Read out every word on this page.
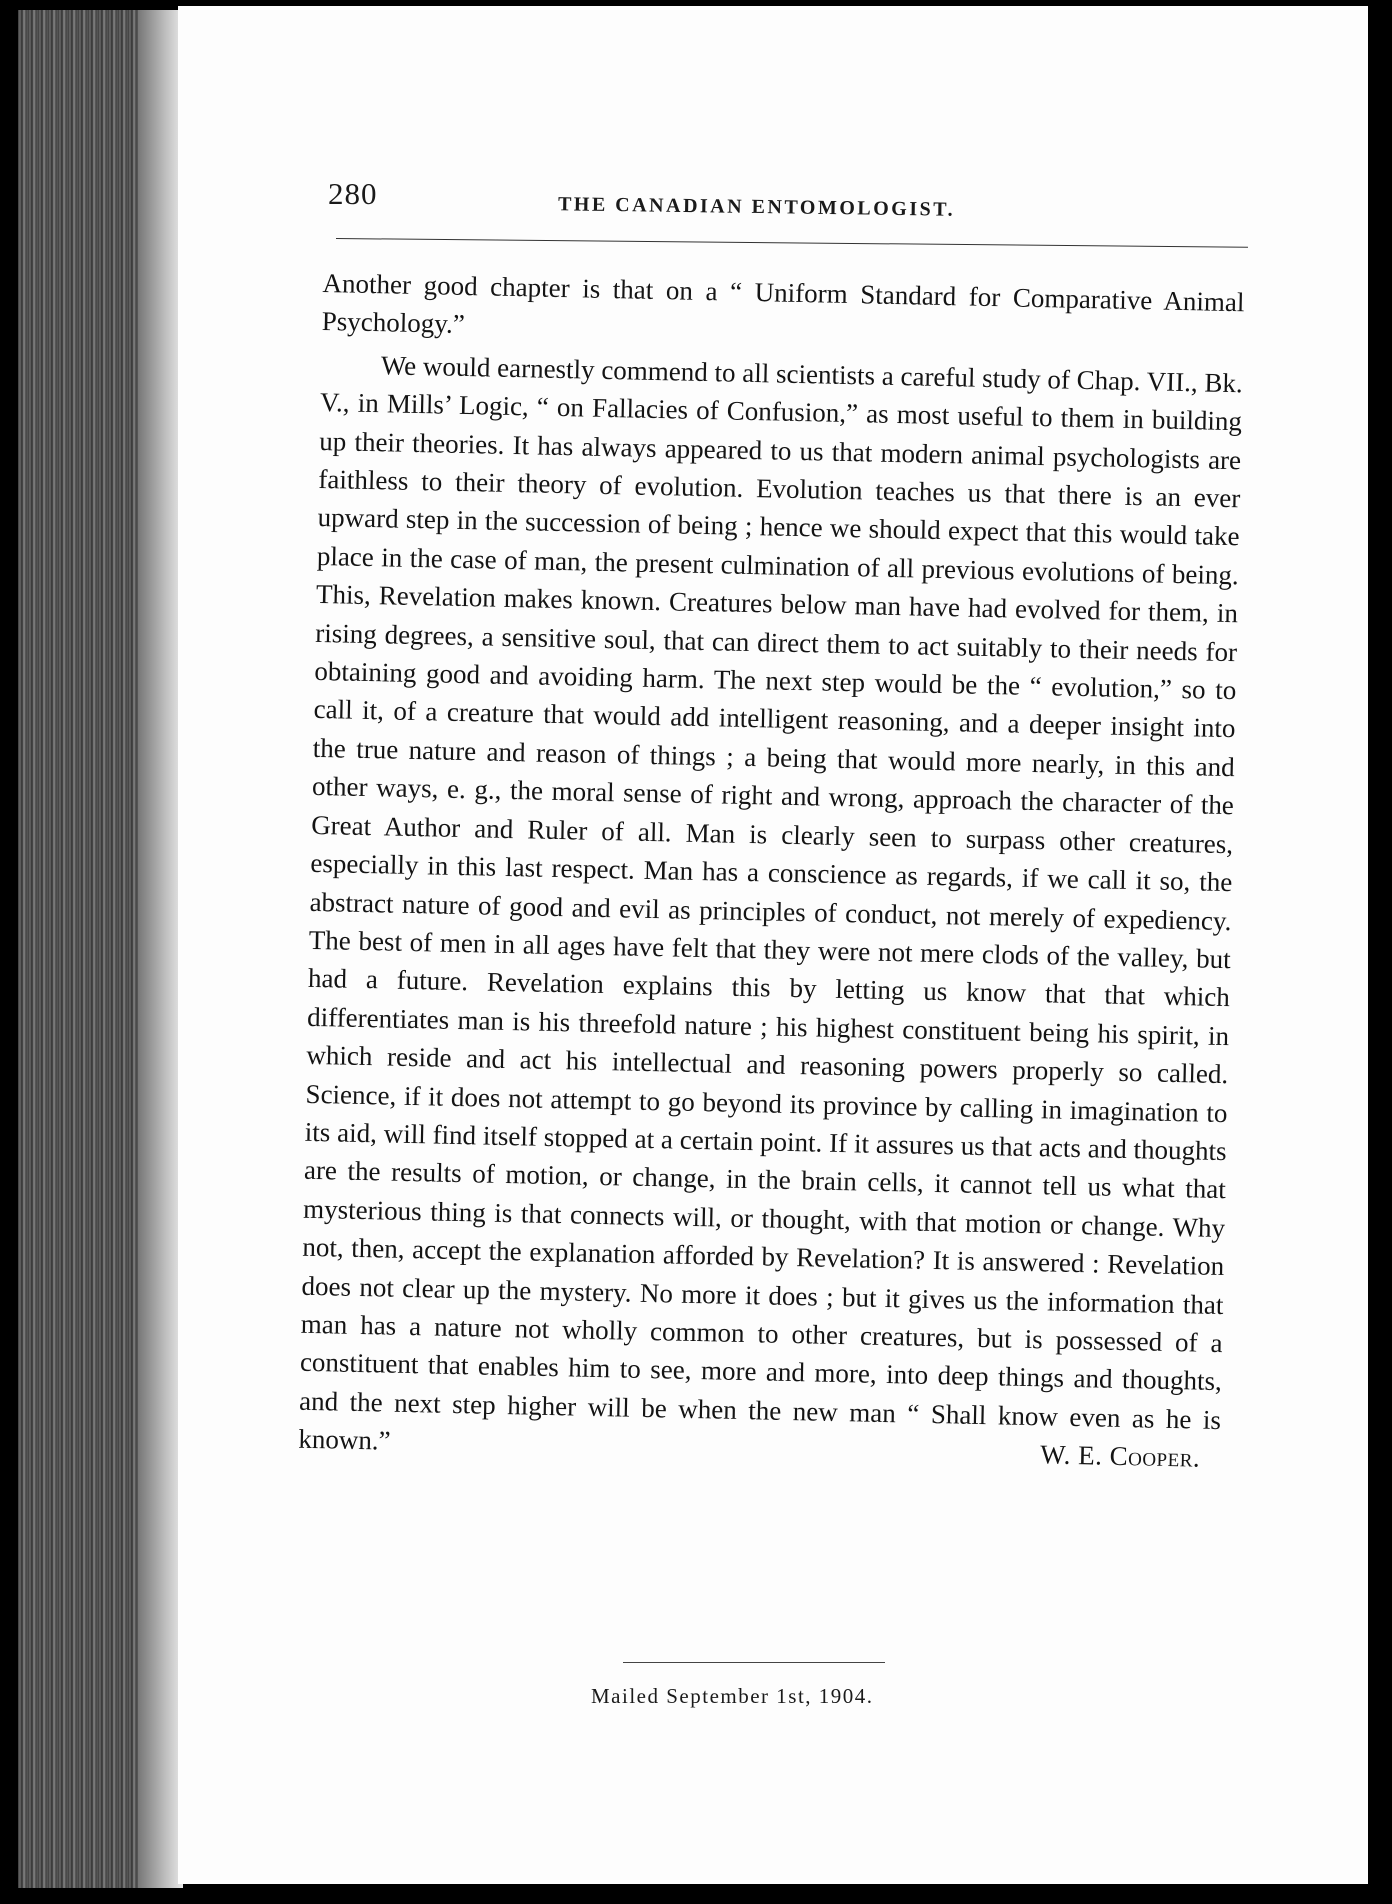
280	THE CANADIAN ENTOMOLOGIST.

Another good chapter is that on a “ Uniform Standard for Comparative Animal Psychology.”

We would earnestly commend to all scientists a careful study of Chap. VII., Bk. V., in Mills’ Logic, “ on Fallacies of Confusion,” as most useful to them in building up their theories. It has always appeared to us that modern animal psychologists are faithless to their theory of evolution. Evolution teaches us that there is an ever upward step in the succession of being ; hence we should expect that this would take place in the case of man, the present culmination of all previous evolutions of being. This, Revelation makes known. Creatures below man have had evolved for them, in rising degrees, a sensitive soul, that can direct them to act suitably to their needs for obtaining good and avoiding harm. The next step would be the “ evolution,” so to call it, of a creature that would add intelligent reasoning, and a deeper insight into the true nature and reason of things ; a being that would more nearly, in this and other ways, e. g., the moral sense of right and wrong, approach the character of the Great Author and Ruler of all. Man is clearly seen to surpass other creatures, especially in this last respect. Man has a conscience as regards, if we call it so, the abstract nature of good and evil as principles of conduct, not merely of expediency. The best of men in all ages have felt that they were not mere clods of the valley, but had a future. Revelation explains this by letting us know that that which differentiates man is his threefold nature ; his highest constituent being his spirit, in which reside and act his intellectual and reasoning powers properly so called. Science, if it does not attempt to go beyond its province by calling in imagination to its aid, will find itself stopped at a certain point. If it assures us that acts and thoughts are the results of motion, or change, in the brain cells, it cannot tell us what that mysterious thing is that connects will, or thought, with that motion or change. Why not, then, accept the explanation afforded by Revelation? It is answered : Revelation does not clear up the mystery. No more it does ; but it gives us the information that man has a nature not wholly common to other creatures, but is possessed of a constituent that enables him to see, more and more, into deep things and thoughts, and the next step higher will be when the new man “ Shall know even as he is known.”	W. E. Cooper.

Mailed September 1st, 1904.
